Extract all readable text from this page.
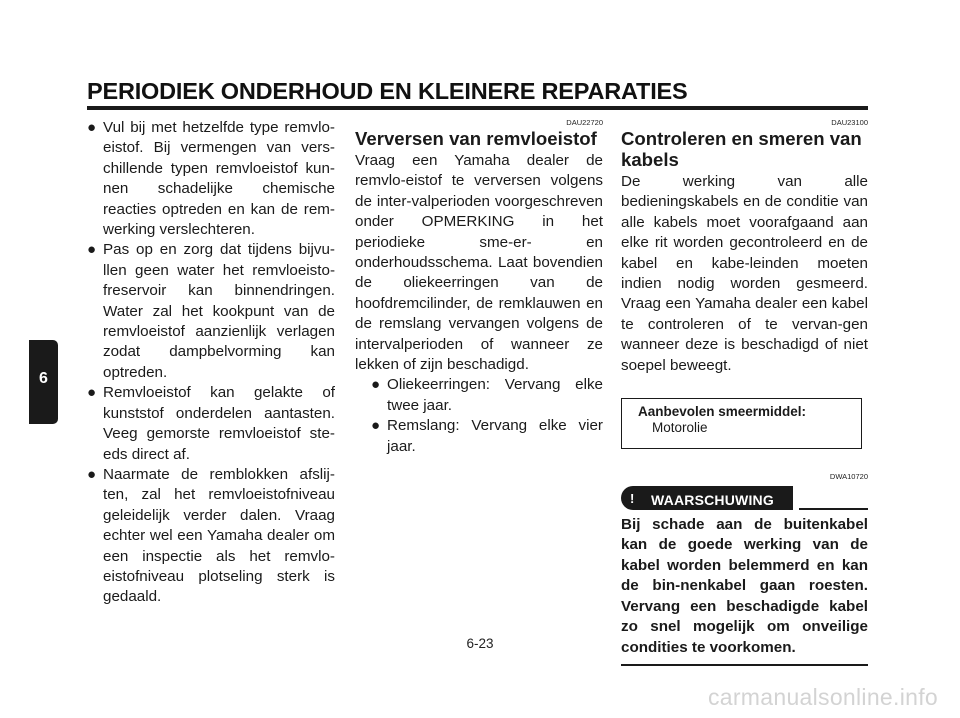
PERIODIEK ONDERHOUD EN KLEINERE REPARATIES
6
● Vul bij met hetzelfde type remvlo-eistof. Bij vermengen van vers-chillende typen remvloeistof kun-nen schadelijke chemische reacties optreden en kan de rem-werking verslechteren.
● Pas op en zorg dat tijdens bijvu-llen geen water het remvloeisto-freservoir kan binnendringen. Water zal het kookpunt van de remvloeistof aanzienlijk verlagen zodat dampbelvorming kan optreden.
● Remvloeistof kan gelakte of kunststof onderdelen aantasten. Veeg gemorste remvloeistof ste-eds direct af.
● Naarmate de remblokken afslij-ten, zal het remvloeistofniveau geleidelijk verder dalen. Vraag echter wel een Yamaha dealer om een inspectie als het remvlo-eistofniveau plotseling sterk is gedaald.
DAU22720
Verversen van remvloeistof

Vraag een Yamaha dealer de remvlo-eistof te verversen volgens de inter-valperioden voorgeschreven onder OPMERKING in het periodieke sme-er- en onderhoudsschema. Laat bovendien de oliekeerringen van de hoofdremcilinder, de remklauwen en de remslang vervangen volgens de intervalperioden of wanneer ze lekken of zijn beschadigd.

● Oliekeerringen: Vervang elke twee jaar.
● Remslang: Vervang elke vier jaar.
DAU23100
Controleren en smeren van kabels

De werking van alle bedieningskabels en de conditie van alle kabels moet voorafgaand aan elke rit worden gecontroleerd en de kabel en kabe-leinden moeten indien nodig worden gesmeerd. Vraag een Yamaha dealer een kabel te controleren of te vervan-gen wanneer deze is beschadigd of niet soepel beweegt.

Aanbevolen smeermiddel:
Motorolie
DWA10720
! WAARSCHUWING
Bij schade aan de buitenkabel kan de goede werking van de kabel worden belemmerd en kan de bin-nenkabel gaan roesten. Vervang een beschadigde kabel zo snel mogelijk om onveilige condities te voorkomen.
6-23
carmanualsonline.info
